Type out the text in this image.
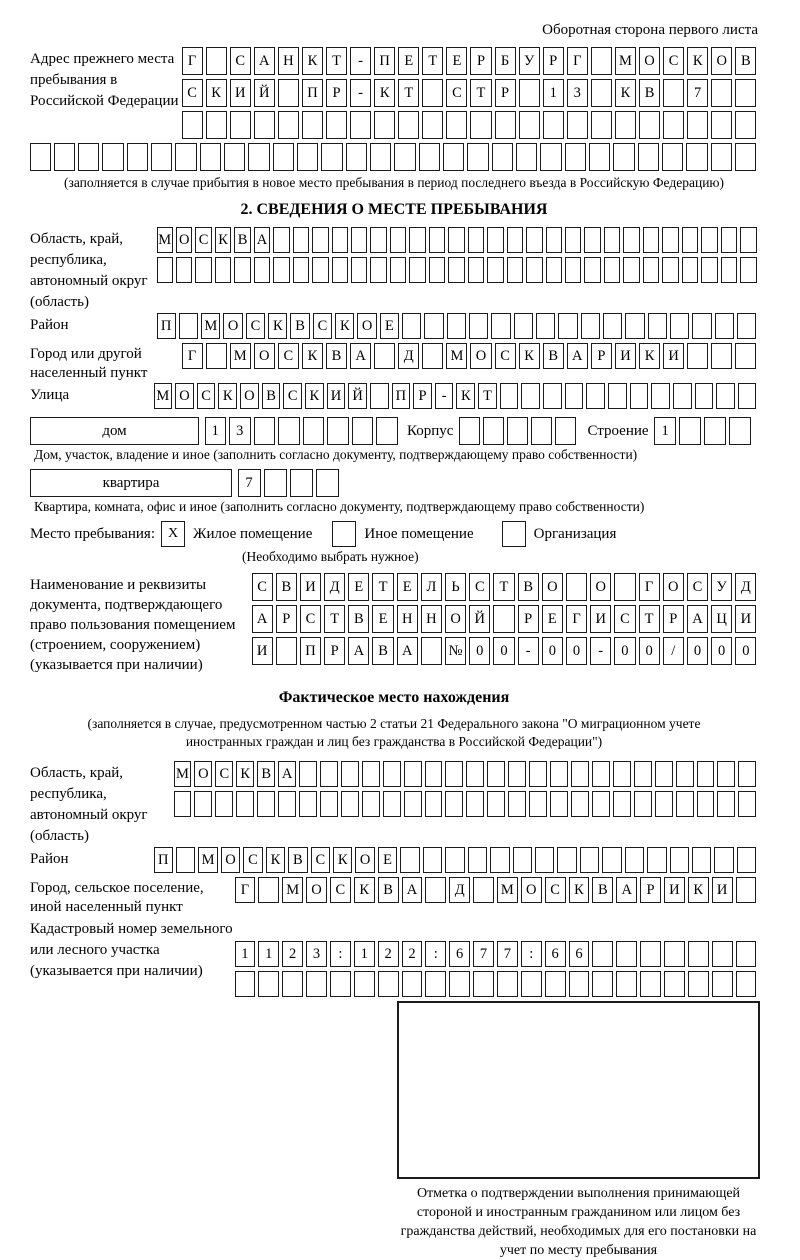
Оборотная сторона первого листа
Адрес прежнего места пребывания в Российской Федерации
Г	С А Н К	Т	-	П Е	Т	Е	Р	Б	У	Р	Г	М О С К О В
С К И Й	П	Р	-	К	Т	С	Т	Р	1	3	К В	7
(заполняется в случае прибытия в новое место пребывания в период последнего въезда в Российскую Федерацию)
2. СВЕДЕНИЯ О МЕСТЕ ПРЕБЫВАНИЯ
Область, край, республика, автономный округ (область)
М О С К В А
Район	П	М О С К В С К О Е
Город или другой населенный пункт
Г	М О С К В А	Д	М О С К В А	Р	И К И
Улица	М О С К О В С К И Й П Р	- К Т
дом	1	3	Корпус	Строение 1
Дом, участок, владение и иное (заполнить согласно документу, подтверждающему право собственности)
квартира	7
Квартира, комната, офис и иное (заполнить согласно документу, подтверждающему право собственности)
Место пребывания: X Жилое помещение	Иное помещение	Организация
(Необходимо выбрать нужное)
Наименование и реквизиты документа, подтверждающего право пользования помещением (строением, сооружением) (указывается при наличии)
С	В И Д	Е	Т	Е	Л	Ь	С	Т	В О	О	Г	О С У Д
А	Р	С	Т	В	Е	Н Н О Й	Р	Е	Г	И С	Т	Р	А Ц И
И	П	Р	А В А	№ 0	0	-	0	0	-	0	0	/	0	0	0
Фактическое место нахождения
(заполняется в случае, предусмотренном частью 2 статьи 21 Федерального закона "О миграционном учете иностранных граждан и лиц без гражданства в Российской Федерации")
Область, край, республика, автономный округ (область)
М О С К В А
Район	П	М О С К В С К О Е
Город, сельское поселение, иной населенный пункт
Г	М О С К В А	Д	М О С К В А	Р	И К И
Кадастровый номер земельного или лесного участка (указывается при наличии)
1	1	2	3	:	1	2	2	:	6	7	7	:	6	6
Отметка о подтверждении выполнения принимающей стороной и иностранным гражданином или лицом без гражданства действий, необходимых для его постановки на учет по месту пребывания
